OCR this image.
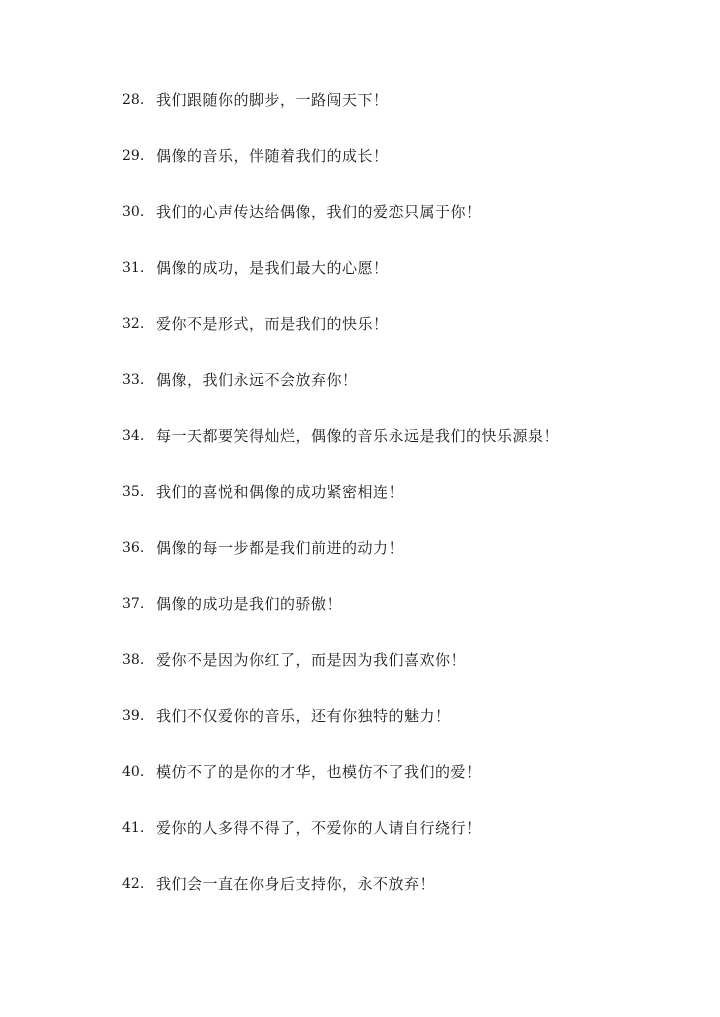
28. 我们跟随你的脚步，一路闯天下！
29. 偶像的音乐，伴随着我们的成长！
30. 我们的心声传达给偶像，我们的爱恋只属于你！
31. 偶像的成功，是我们最大的心愿！
32. 爱你不是形式，而是我们的快乐！
33. 偶像，我们永远不会放弃你！
34. 每一天都要笑得灿烂，偶像的音乐永远是我们的快乐源泉！
35. 我们的喜悦和偶像的成功紧密相连！
36. 偶像的每一步都是我们前进的动力！
37. 偶像的成功是我们的骄傲！
38. 爱你不是因为你红了，而是因为我们喜欢你！
39. 我们不仅爱你的音乐，还有你独特的魅力！
40. 模仿不了的是你的才华，也模仿不了我们的爱！
41. 爱你的人多得不得了，不爱你的人请自行绕行！
42. 我们会一直在你身后支持你，永不放弃！
